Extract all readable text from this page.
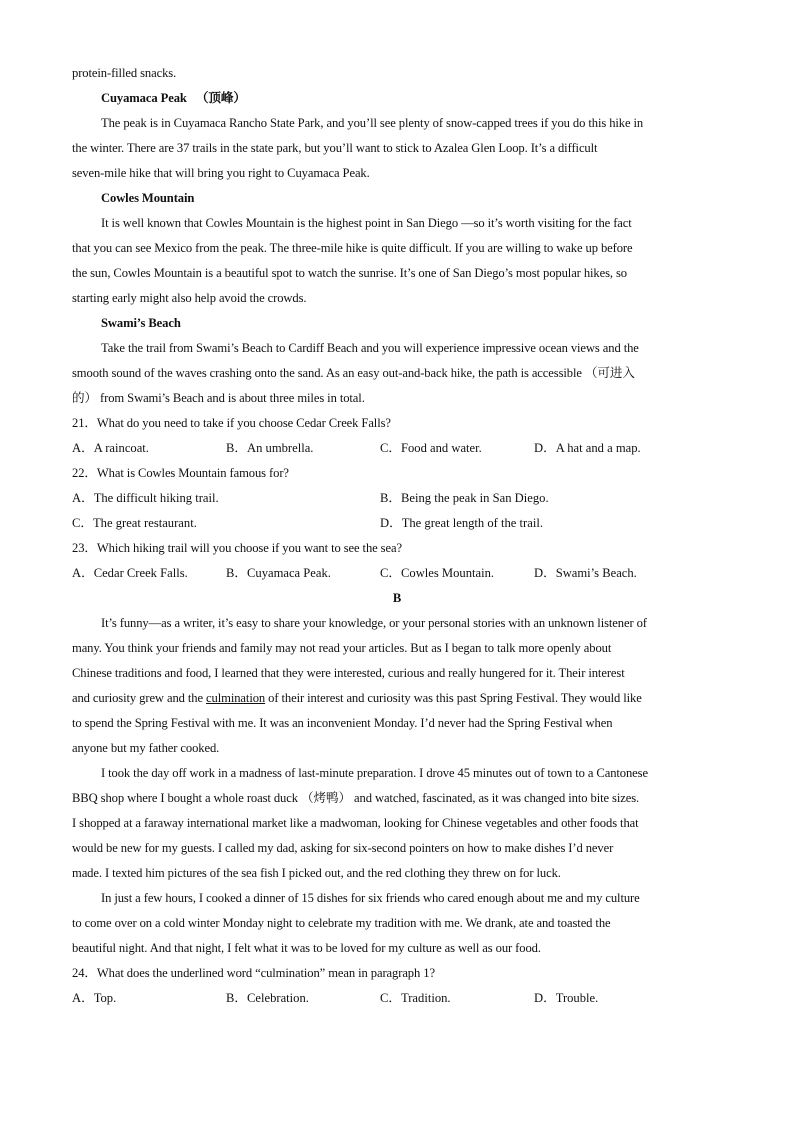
protein-filled snacks.
Cuyamaca Peak （顶峰）
The peak is in Cuyamaca Rancho State Park, and you’ll see plenty of snow-capped trees if you do this hike in
the winter. There are 37 trails in the state park, but you’ll want to stick to Azalea Glen Loop. It’s a difficult
seven-mile hike that will bring you right to Cuyamaca Peak.
Cowles Mountain
It is well known that Cowles Mountain is the highest point in San Diego —so it’s worth visiting for the fact
that you can see Mexico from the peak. The three-mile hike is quite difficult. If you are willing to wake up before
the sun, Cowles Mountain is a beautiful spot to watch the sunrise. It’s one of San Diego’s most popular hikes, so
starting early might also help avoid the crowds.
Swami’s Beach
Take the trail from Swami’s Beach to Cardiff Beach and you will experience impressive ocean views and the
smooth sound of the waves crashing onto the sand. As an easy out-and-back hike, the path is accessible （可进入
的） from Swami’s Beach and is about three miles in total.
21．What do you need to take if you choose Cedar Creek Falls?
A．A raincoat.	B．An umbrella.	C．Food and water.	D．A hat and a map.
22．What is Cowles Mountain famous for?
A．The difficult hiking trail.	B．Being the peak in San Diego.
C．The great restaurant.	D．The great length of the trail.
23．Which hiking trail will you choose if you want to see the sea?
A．Cedar Creek Falls.	B．Cuyamaca Peak.	C．Cowles Mountain.	D．Swami’s Beach.
B
It’s funny—as a writer, it’s easy to share your knowledge, or your personal stories with an unknown listener of
many. You think your friends and family may not read your articles. But as I began to talk more openly about
Chinese traditions and food, I learned that they were interested, curious and really hungered for it. Their interest
and curiosity grew and the culmination of their interest and curiosity was this past Spring Festival. They would like
to spend the Spring Festival with me. It was an inconvenient Monday. I’d never had the Spring Festival when
anyone but my father cooked.
I took the day off work in a madness of last-minute preparation. I drove 45 minutes out of town to a Cantonese
BBQ shop where I bought a whole roast duck （烤鸭） and watched, fascinated, as it was changed into bite sizes.
I shopped at a faraway international market like a madwoman, looking for Chinese vegetables and other foods that
would be new for my guests. I called my dad, asking for six-second pointers on how to make dishes I’d never
made. I texted him pictures of the sea fish I picked out, and the red clothing they threw on for luck.
In just a few hours, I cooked a dinner of 15 dishes for six friends who cared enough about me and my culture
to come over on a cold winter Monday night to celebrate my tradition with me. We drank, ate and toasted the
beautiful night. And that night, I felt what it was to be loved for my culture as well as our food.
24．What does the underlined word “culmination” mean in paragraph 1?
A．Top.	B．Celebration.	C．Tradition.	D．Trouble.
